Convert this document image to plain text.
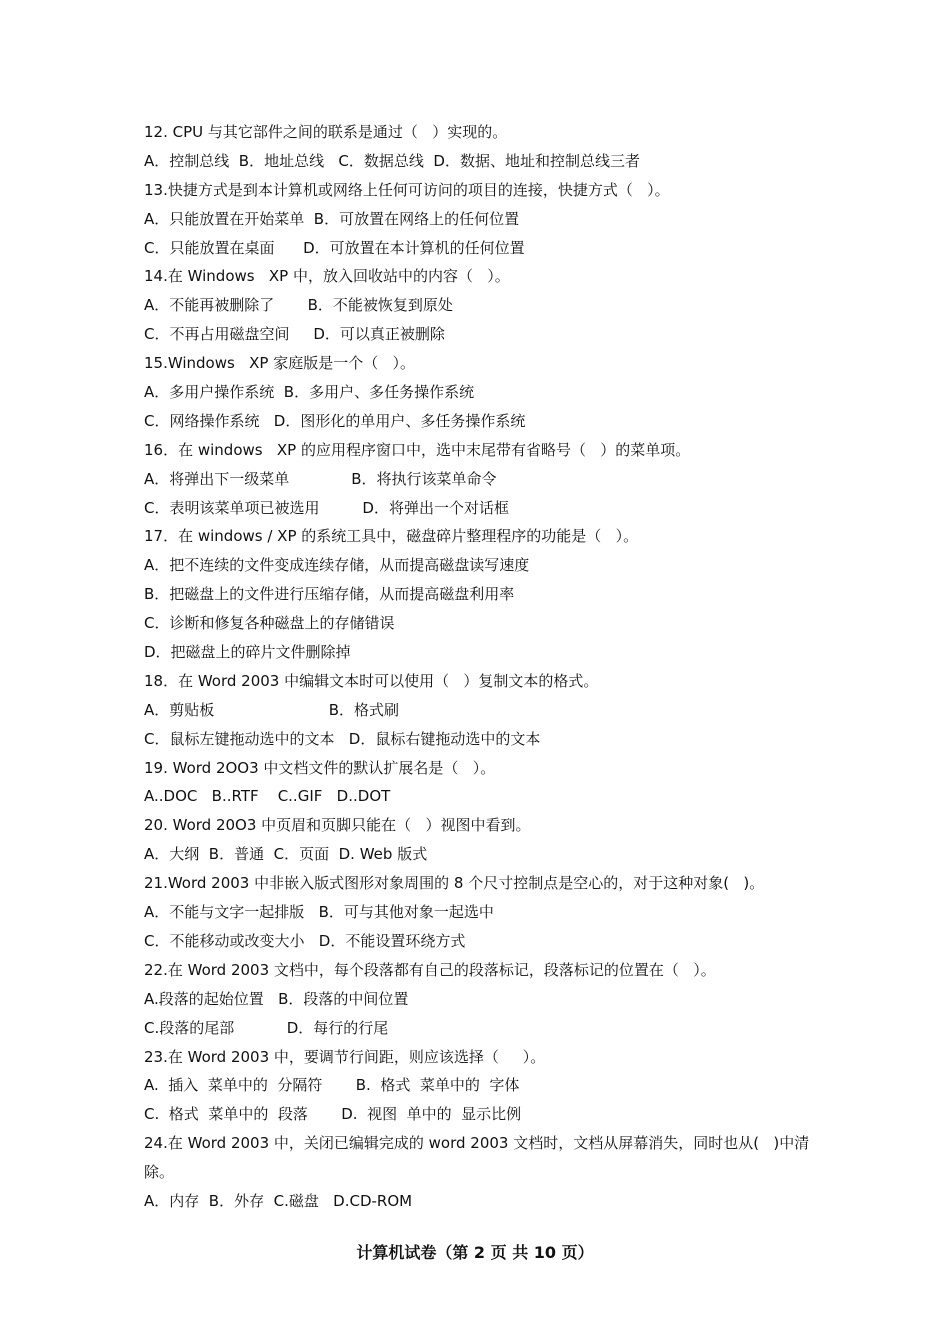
12. CPU 与其它部件之间的联系是通过（   ）实现的。
A．控制总线  B．地址总线   C．数据总线  D．数据、地址和控制总线三者
13.快捷方式是到本计算机或网络上任何可访问的项目的连接，快捷方式（   ）。
A．只能放置在开始菜单  B．可放置在网络上的任何位置
C．只能放置在桌面      D．可放置在本计算机的任何位置
14.在 Windows   XP 中，放入回收站中的内容（   ）。
A．不能再被删除了       B．不能被恢复到原处
C．不再占用磁盘空间     D．可以真正被删除
15.Windows   XP 家庭版是一个（   ）。
A．多用户操作系统  B．多用户、多任务操作系统
C．网络操作系统   D．图形化的单用户、多任务操作系统
16．在 windows   XP 的应用程序窗口中，选中末尾带有省略号（   ）的菜单项。
A．将弹出下一级菜单             B．将执行该菜单命令
C．表明该菜单项已被选用         D．将弹出一个对话框
17．在 windows / XP 的系统工具中，磁盘碎片整理程序的功能是（   ）。
A．把不连续的文件变成连续存储，从而提高磁盘读写速度
B．把磁盘上的文件进行压缩存储，从而提高磁盘利用率
C．诊断和修复各种磁盘上的存储错误
D．把磁盘上的碎片文件删除掉
18．在 Word 2003 中编辑文本时可以使用（   ）复制文本的格式。
A．剪贴板                        B．格式刷
C．鼠标左键拖动选中的文本   D．鼠标右键拖动选中的文本
19. Word 2OO3 中文档文件的默认扩展名是（   ）。
A..DOC   B..RTF    C..GIF   D..DOT
20. Word 20O3 中页眉和页脚只能在（   ）视图中看到。
A．大纲  B．普通  C．页面  D. Web 版式
21.Word 2003 中非嵌入版式图形对象周围的 8 个尺寸控制点是空心的，对于这种对象(   )。
A．不能与文字一起排版   B．可与其他对象一起选中
C．不能移动或改变大小   D．不能设置环绕方式
22.在 Word 2003 文档中，每个段落都有自己的段落标记，段落标记的位置在（   ）。
A.段落的起始位置   B．段落的中间位置
C.段落的尾部           D．每行的行尾
23.在 Word 2003 中，要调节行间距，则应该选择（     ）。
A.  插入  菜单中的  分隔符       B.  格式  菜单中的  字体
C.  格式  菜单中的  段落       D.  视图  单中的  显示比例
24.在 Word 2003 中，关闭已编辑完成的 word 2003 文档时，文档从屏幕消失，同时也从(   )中清除。
A．内存  B．外存  C.磁盘   D.CD-ROM
计算机试卷（第 2 页 共 10 页）
